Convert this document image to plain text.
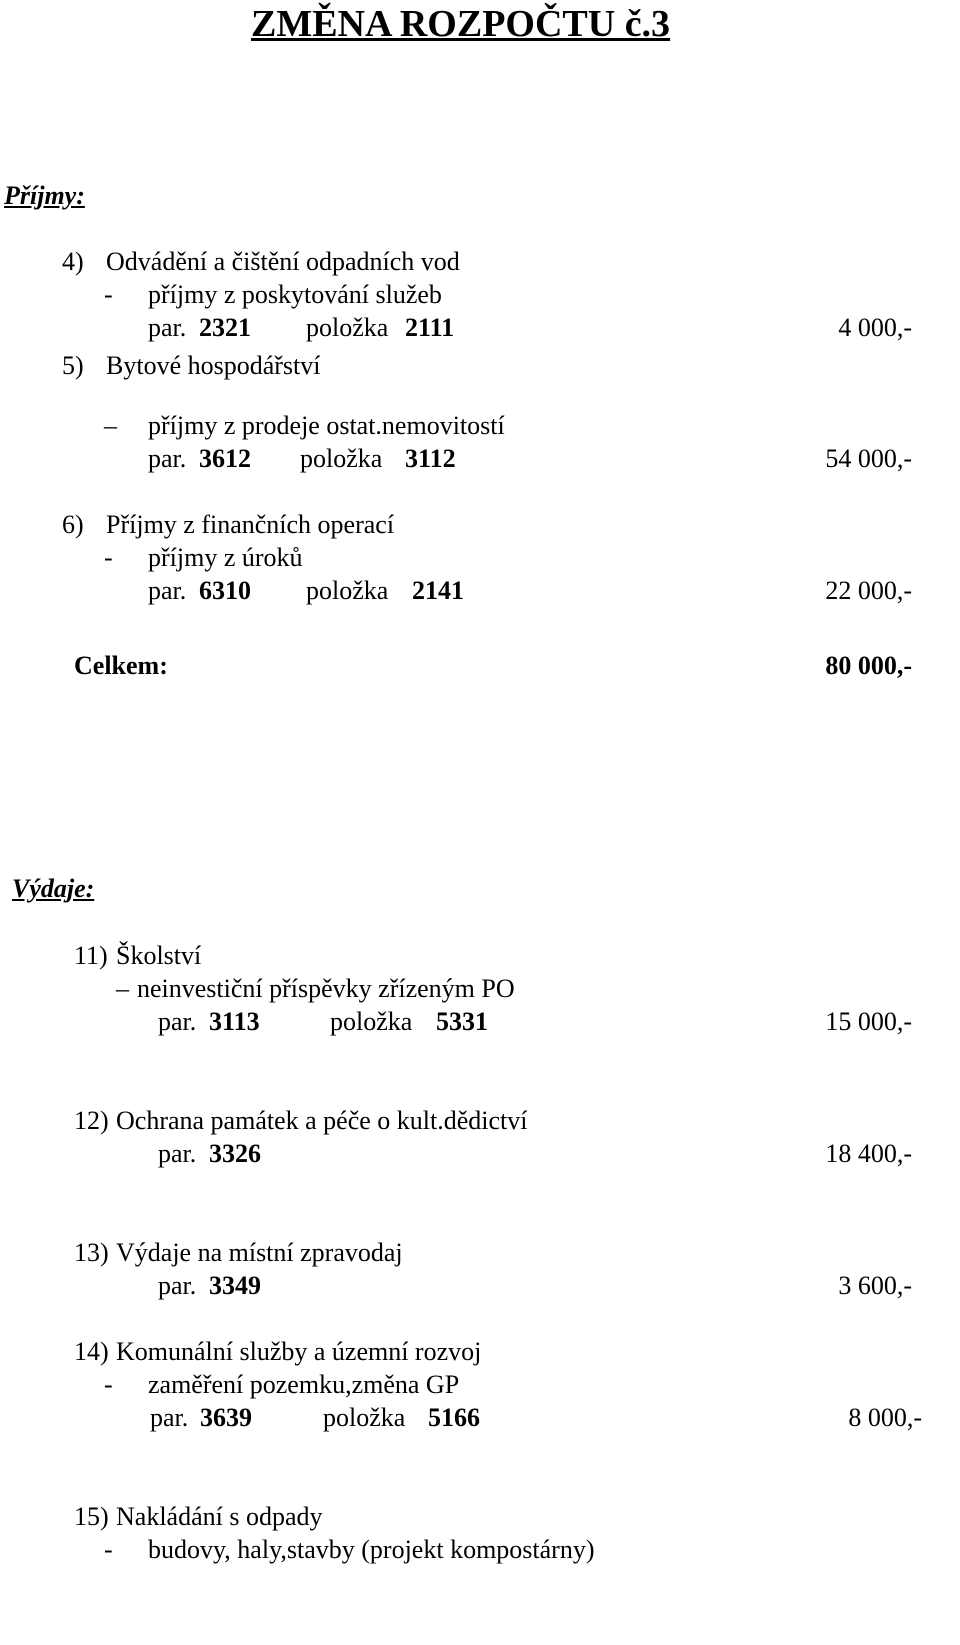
ZMĚNA ROZPOČTU č.3
Příjmy:
4) Odvádění a čištění odpadních vod
- příjmy z poskytování služeb
par. 2321 položka 2111	4 000,-
5) Bytové hospodářství
– příjmy z prodeje ostat.nemovitostí
par. 3612 položka 3112	54 000,-
6) Příjmy z finančních operací
- příjmy z úroků
par. 6310 položka 2141	22 000,-
Celkem:	80 000,-
Výdaje:
11) Školství
– neinvestiční příspěvky zřízeným PO
par. 3113	položka 5331	15 000,-
12) Ochrana památek a péče o kult.dědictví
par. 3326	18 400,-
13) Výdaje na místní zpravodaj
par. 3349	3 600,-
14) Komunální služby a územní rozvoj
- zaměření pozemku,změna GP
par. 3639	položka 5166	8 000,-
15) Nakládání s odpady
- budovy, haly,stavby (projekt kompostárny)
